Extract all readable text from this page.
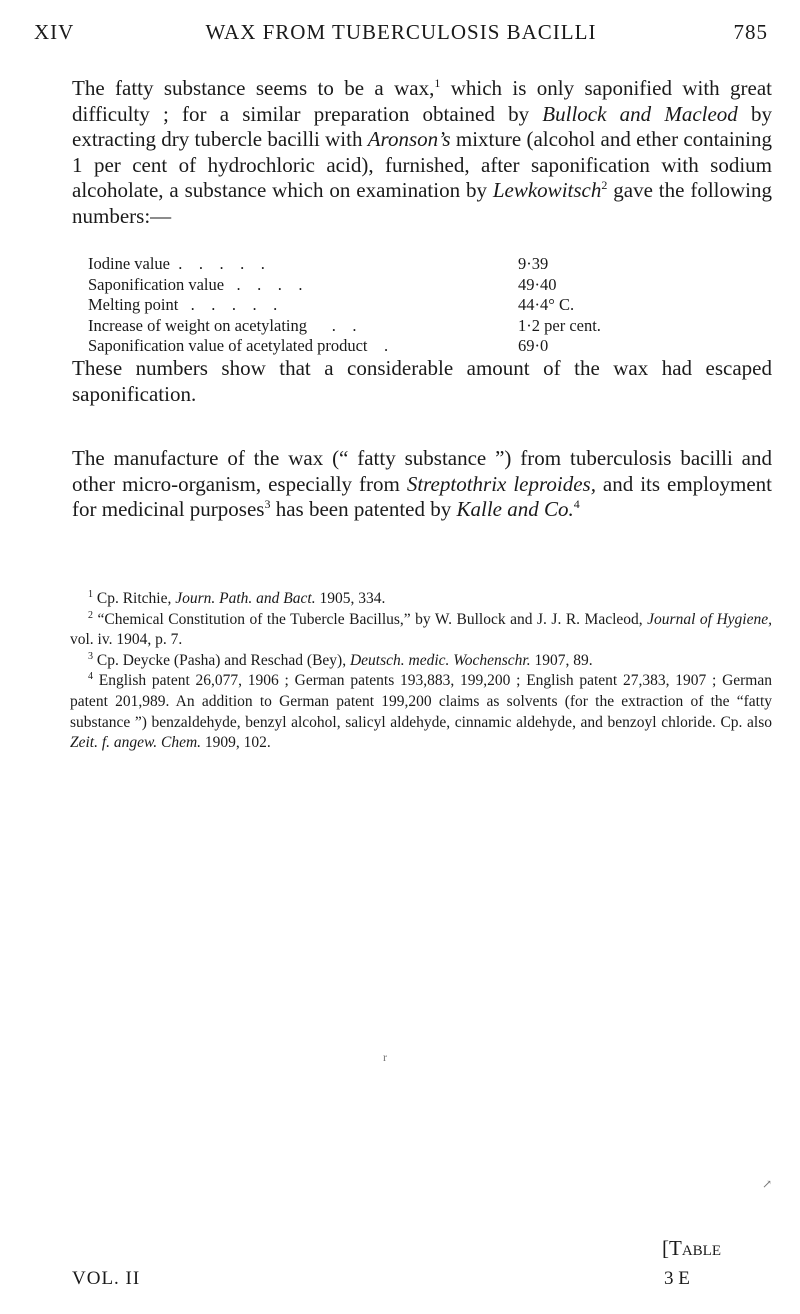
XIV	WAX FROM TUBERCULOSIS BACILLI	785

The fatty substance seems to be a wax,$^1$ which is only saponified with great difficulty ; for a similar preparation obtained by Bullock and Macleod by extracting dry tubercle bacilli with Aronson’s mixture (alcohol and ether containing 1 per cent of hydrochloric acid), furnished, after saponification with sodium alcoholate, a substance which on examination by Lewkowitsch$^2$ gave the following numbers:—

Iodine value  .    .    .    .    .	9·39
Saponification value   .    .    .    .	49·40
Melting point   .    .    .    .    .	44·4° C.
Increase of weight on acetylating      .    .	1·2 per cent.
Saponification value of acetylated product    .	69·0

These numbers show that a considerable amount of the wax had escaped saponification.

The manufacture of the wax (“ fatty substance ”) from tuberculosis bacilli and other micro-organism, especially from Streptothrix leproides, and its employment for medicinal purposes$^3$ has been patented by Kalle and Co.$^4$

$^1$ Cp. Ritchie, Journ. Path. and Bact. 1905, 334.

$^2$ “Chemical Constitution of the Tubercle Bacillus,” by W. Bullock and J. J. R. Macleod, Journal of Hygiene, vol. iv. 1904, p. 7.

$^3$ Cp. Deycke (Pasha) and Reschad (Bey), Deutsch. medic. Wochenschr. 1907, 89.

$^4$ English patent 26,077, 1906 ; German patents 193,883, 199,200 ; English patent 27,383, 1907 ; German patent 201,989. An addition to German patent 199,200 claims as solvents (for the extraction of the “fatty substance ”) benzaldehyde, benzyl alcohol, salicyl aldehyde, cinnamic aldehyde, and benzoyl chloride. Cp. also Zeit. f. angew. Chem. 1909, 102.

r
↗
[Table
VOL. II	3 E
